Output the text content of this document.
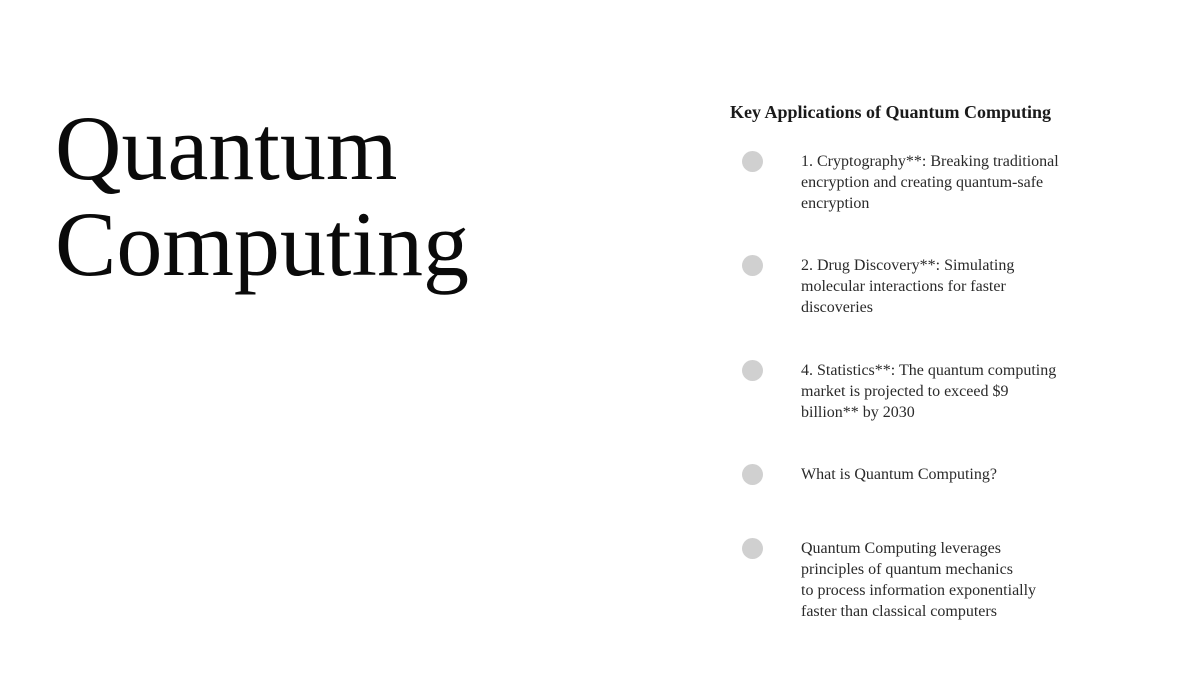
Quantum
Computing
Key Applications of Quantum Computing

1. Cryptography**: Breaking traditional
encryption and creating quantum-safe
encryption

2. Drug Discovery**: Simulating
molecular interactions for faster
discoveries

4. Statistics**: The quantum computing
market is projected to exceed $9
billion** by 2030

What is Quantum Computing?

Quantum Computing leverages
principles of quantum mechanics
to process information exponentially
faster than classical computers
